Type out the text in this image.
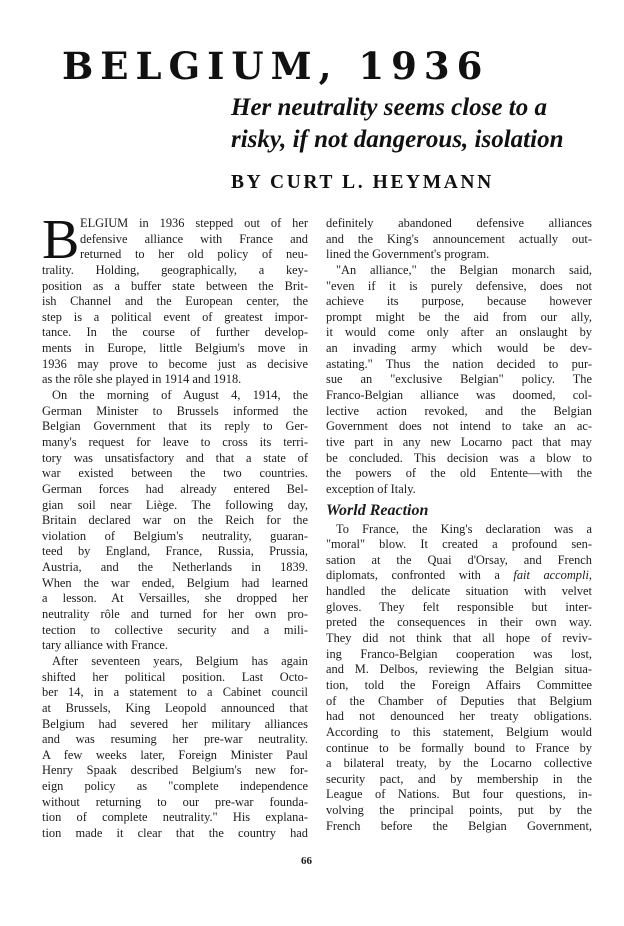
BELGIUM, 1936
Her neutrality seems close to a
risky, if not dangerous, isolation
BY CURT L. HEYMANN
B ELGIUM in 1936 stepped out of her
defensive alliance with France and
returned to her old policy of neu-
trality. Holding, geographically, a key-
position as a buffer state between the Brit-
ish Channel and the European center, the
step is a political event of greatest impor-
tance. In the course of further develop-
ments in Europe, little Belgium's move in
1936 may prove to become just as decisive
as the rôle she played in 1914 and 1918.
On the morning of August 4, 1914, the
German Minister to Brussels informed the
Belgian Government that its reply to Ger-
many's request for leave to cross its terri-
tory was unsatisfactory and that a state of
war existed between the two countries.
German forces had already entered Bel-
gian soil near Liège. The following day,
Britain declared war on the Reich for the
violation of Belgium's neutrality, guaran-
teed by England, France, Russia, Prussia,
Austria, and the Netherlands in 1839.
When the war ended, Belgium had learned
a lesson. At Versailles, she dropped her
neutrality rôle and turned for her own pro-
tection to collective security and a mili-
tary alliance with France.
After seventeen years, Belgium has again
shifted her political position. Last Octo-
ber 14, in a statement to a Cabinet council
at Brussels, King Leopold announced that
Belgium had severed her military alliances
and was resuming her pre-war neutrality.
A few weeks later, Foreign Minister Paul
Henry Spaak described Belgium's new for-
eign policy as "complete independence
without returning to our pre-war founda-
tion of complete neutrality." His explana-
tion made it clear that the country had
definitely abandoned defensive alliances
and the King's announcement actually out-
lined the Government's program.
"An alliance," the Belgian monarch said,
"even if it is purely defensive, does not
achieve its purpose, because however
prompt might be the aid from our ally,
it would come only after an onslaught by
an invading army which would be dev-
astating." Thus the nation decided to pur-
sue an "exclusive Belgian" policy. The
Franco-Belgian alliance was doomed, col-
lective action revoked, and the Belgian
Government does not intend to take an ac-
tive part in any new Locarno pact that may
be concluded. This decision was a blow to
the powers of the old Entente—with the
exception of Italy.
World Reaction
To France, the King's declaration was a
"moral" blow. It created a profound sen-
sation at the Quai d'Orsay, and French
diplomats, confronted with a fait accompli,
handled the delicate situation with velvet
gloves. They felt responsible but inter-
preted the consequences in their own way.
They did not think that all hope of reviv-
ing Franco-Belgian cooperation was lost,
and M. Delbos, reviewing the Belgian situa-
tion, told the Foreign Affairs Committee
of the Chamber of Deputies that Belgium
had not denounced her treaty obligations.
According to this statement, Belgium would
continue to be formally bound to France by
a bilateral treaty, by the Locarno collective
security pact, and by membership in the
League of Nations. But four questions, in-
volving the principal points, put by the
French before the Belgian Government,
66
